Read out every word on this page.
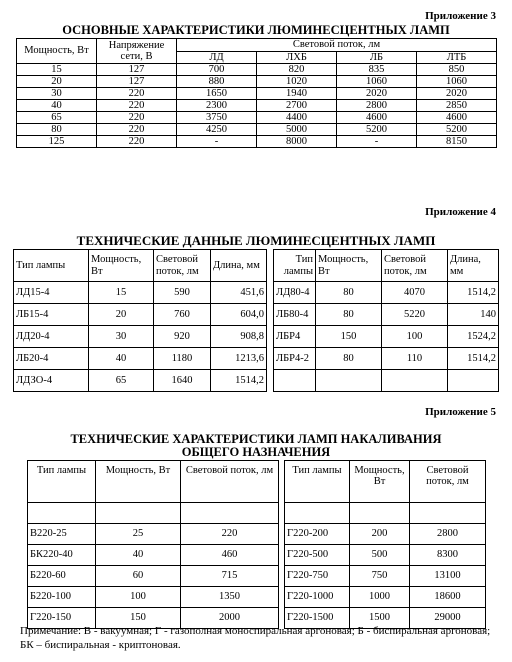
Приложение 3
ОСНОВНЫЕ ХАРАКТЕРИСТИКИ ЛЮМИНЕСЦЕНТНЫХ ЛАМП
Мощность, Вт	Напряжение сети, В	Световой поток, лм			
		ЛД	ЛХБ	ЛБ	ЛТБ
15	127	700	820	835	850
20	127	880	1020	1060	1060
30	220	1650	1940	2020	2020
40	220	2300	2700	2800	2850
65	220	3750	4400	4600	4600
80	220	4250	5000	5200	5200
125	220	-	8000	-	8150
Приложение 4
ТЕХНИЧЕСКИЕ ДАННЫЕ ЛЮМИНЕСЦЕНТНЫХ ЛАМП
Тип лампы	Мощность, Вт	Световой поток, лм	Длина, мм		Тип лампы	Мощность, Вт	Световой поток, лм	Длина, мм
ЛД15-4	15	590	451,6		ЛД80-4	80	4070	1514,2
ЛБ15-4	20	760	604,0		ЛБ80-4	80	5220	140
ЛД20-4	30	920	908,8		ЛБР4	150	100	1524,2
ЛБ20-4	40	1180	1213,6		ЛБР4-2	80	110	1514,2
ЛДЗО-4	65	1640	1514,2					
Приложение 5
ТЕХНИЧЕСКИЕ ХАРАКТЕРИСТИКИ ЛАМП НАКАЛИВАНИЯ ОБЩЕГО НАЗНАЧЕНИЯ
Тип лампы	Мощность, Вт	Световой поток, лм		Тип лампы	Мощность, Вт	Световой поток, лм

В220-25	25	220		Г220-200	200	2800
БК220-40	40	460		Г220-500	500	8300
Б220-60	60	715		Г220-750	750	13100
Б220-100	100	1350		Г220-1000	1000	18600
Г220-150	150	2000		Г220-1500	1500	29000
Примечание: В - вакуумная; Г - газополная моноспиральная аргоновая; Б - биспиральная аргоновая; БК – биспиральная - криптоновая.
